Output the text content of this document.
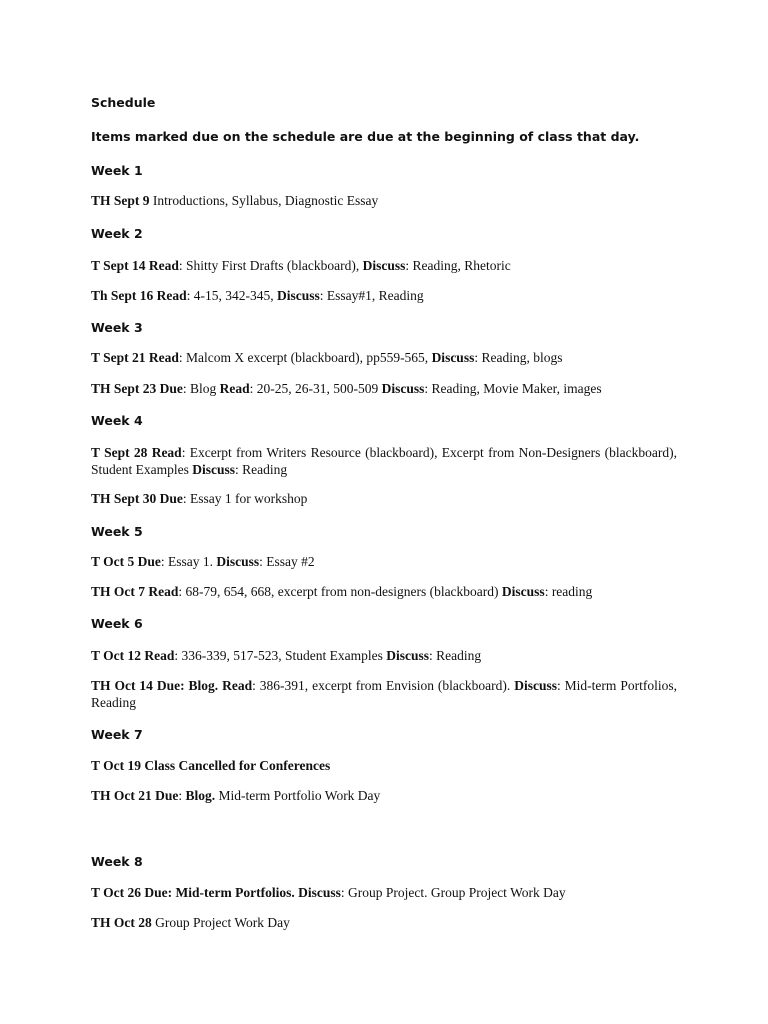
Schedule
Items marked due on the schedule are due at the beginning of class that day.
Week 1

TH Sept 9 Introductions, Syllabus, Diagnostic Essay

Week 2

T Sept 14 Read: Shitty First Drafts (blackboard), Discuss: Reading, Rhetoric

Th Sept 16 Read: 4-15, 342-345, Discuss: Essay#1, Reading

Week 3

T Sept 21 Read: Malcom X excerpt (blackboard), pp559-565, Discuss: Reading, blogs

TH Sept 23 Due: Blog Read: 20-25, 26-31, 500-509 Discuss: Reading, Movie Maker, images

Week 4

T Sept 28 Read: Excerpt from Writers Resource (blackboard), Excerpt from Non-Designers (blackboard), Student Examples Discuss: Reading

TH Sept 30 Due: Essay 1 for workshop

Week 5

T Oct 5 Due: Essay 1. Discuss: Essay #2

TH Oct 7 Read: 68-79, 654, 668, excerpt from non-designers (blackboard) Discuss: reading

Week 6

T Oct 12 Read: 336-339, 517-523, Student Examples Discuss: Reading

TH Oct 14 Due: Blog. Read: 386-391, excerpt from Envision (blackboard). Discuss: Mid-term Portfolios, Reading

Week 7

T Oct 19 Class Cancelled for Conferences

TH Oct 21 Due: Blog. Mid-term Portfolio Work Day

Week 8

T Oct 26 Due: Mid-term Portfolios. Discuss: Group Project. Group Project Work Day

TH Oct 28 Group Project Work Day
